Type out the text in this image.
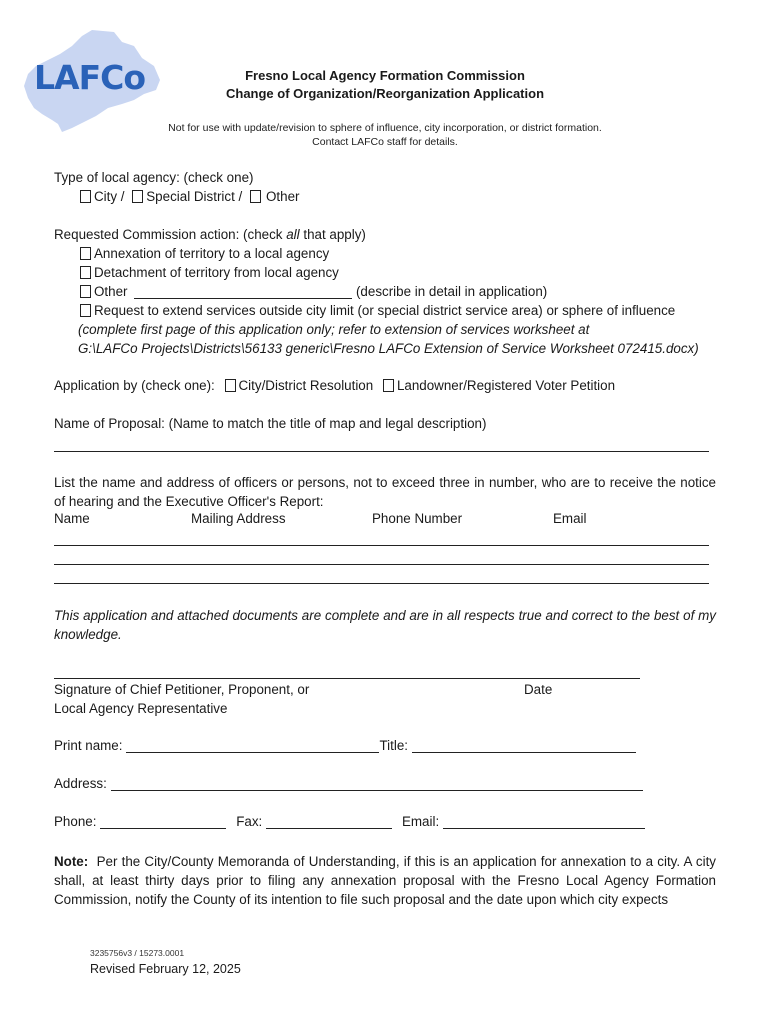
LAFCo	Fresno Local Agency Formation Commission
Change of Organization/Reorganization Application
Not for use with update/revision to sphere of influence, city incorporation, or district formation.
Contact LAFCo staff for details.
Type of local agency: (check one)
City / Special District / Other
Requested Commission action: (check all that apply)
Annexation of territory to a local agency
Detachment of territory from local agency
Other	(describe in detail in application)
Request to extend services outside city limit (or special district service area) or sphere of influence
(complete first page of this application only; refer to extension of services worksheet at
G:\LAFCo Projects\Districts\56133 generic\Fresno LAFCo Extension of Service Worksheet 072415.docx)
Application by (check one): City/District Resolution Landowner/Registered Voter Petition
Name of Proposal: (Name to match the title of map and legal description)
List the name and address of officers or persons, not to exceed three in number, who are to receive the notice of hearing and the Executive Officer's Report:
Name	Mailing Address	Phone Number	Email
This application and attached documents are complete and are in all respects true and correct to the best of my knowledge.
Signature of Chief Petitioner, Proponent, or	Date
Local Agency Representative
Print name:	Title:
Address:
Phone:	Fax:	Email:
Note: Per the City/County Memoranda of Understanding, if this is an application for annexation to a city. A city shall, at least thirty days prior to filing any annexation proposal with the Fresno Local Agency Formation Commission, notify the County of its intention to file such proposal and the date upon which city expects
3235756v3 / 15273.0001
Revised February 12, 2025
